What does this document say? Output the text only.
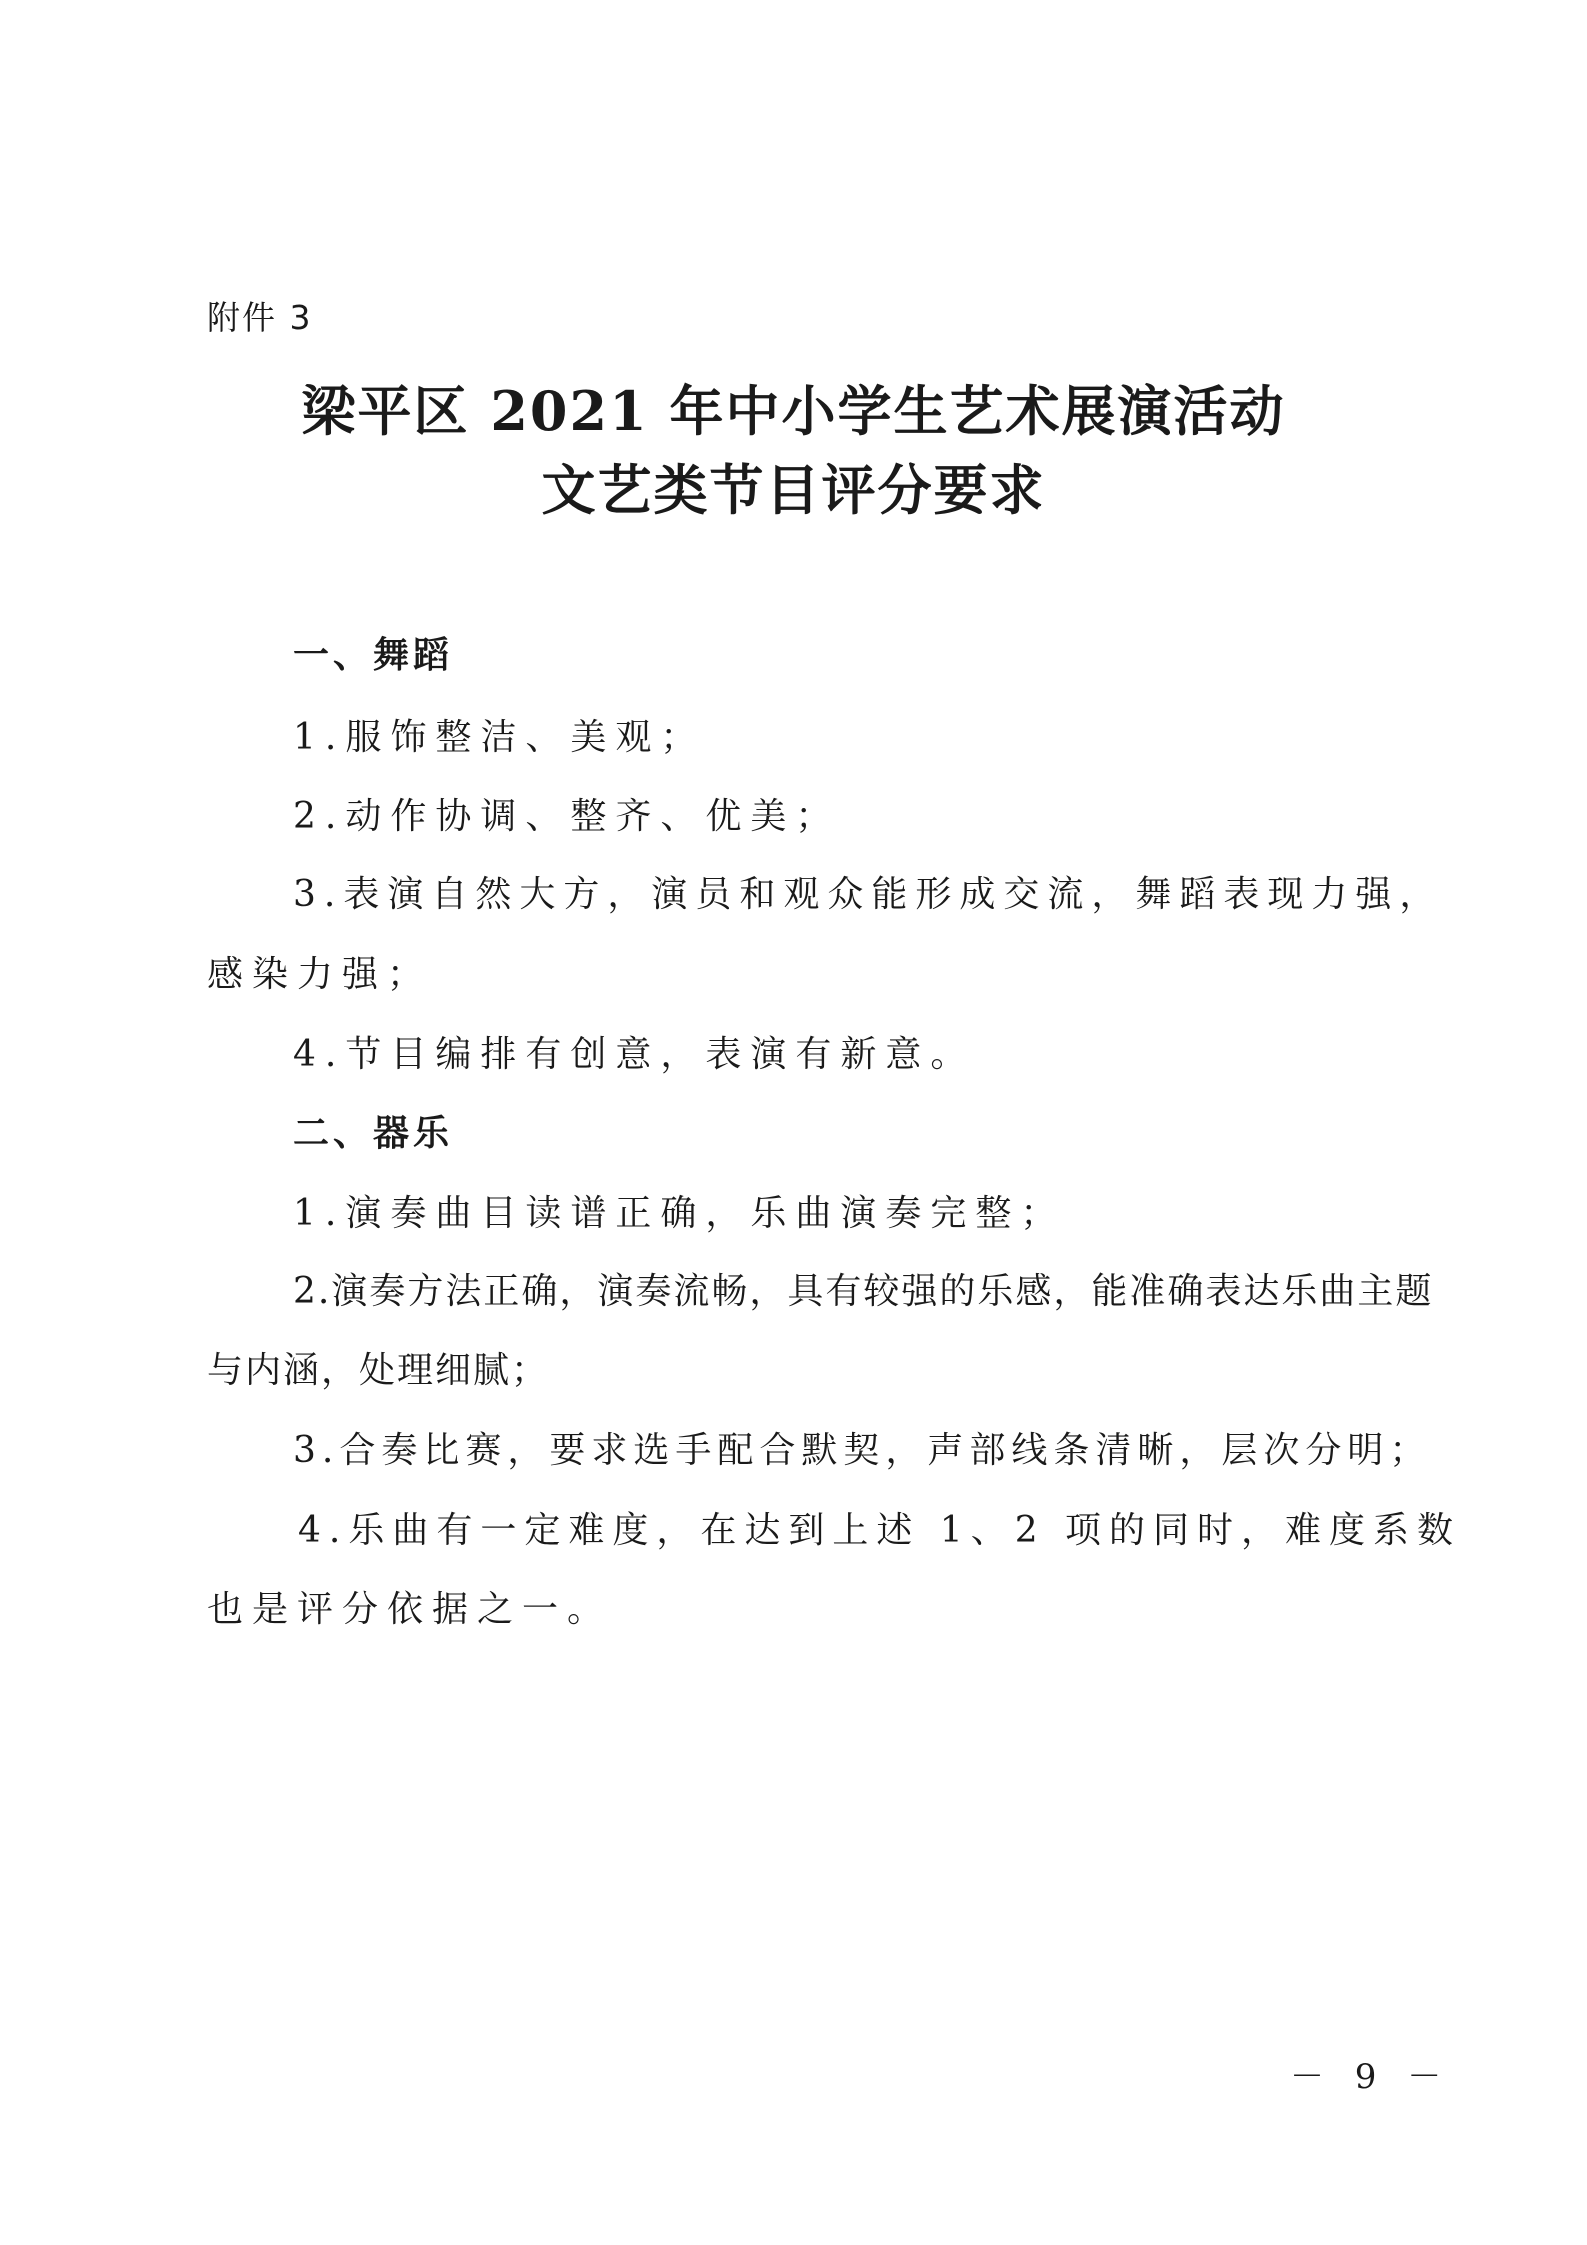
附件 3
梁平区 2021 年中小学生艺术展演活动
文艺类节目评分要求
一、舞蹈
1.服饰整洁、美观；
2.动作协调、整齐、优美；
3.表演自然大方，演员和观众能形成交流，舞蹈表现力强，
感染力强；
4.节目编排有创意，表演有新意。
二、器乐
1.演奏曲目读谱正确，乐曲演奏完整；
2.演奏方法正确，演奏流畅，具有较强的乐感，能准确表达乐曲主题
与内涵，处理细腻；
3.合奏比赛，要求选手配合默契，声部线条清晰，层次分明；
4.乐曲有一定难度，在达到上述 1、2 项的同时，难度系数
也是评分依据之一。
－ 9 －
